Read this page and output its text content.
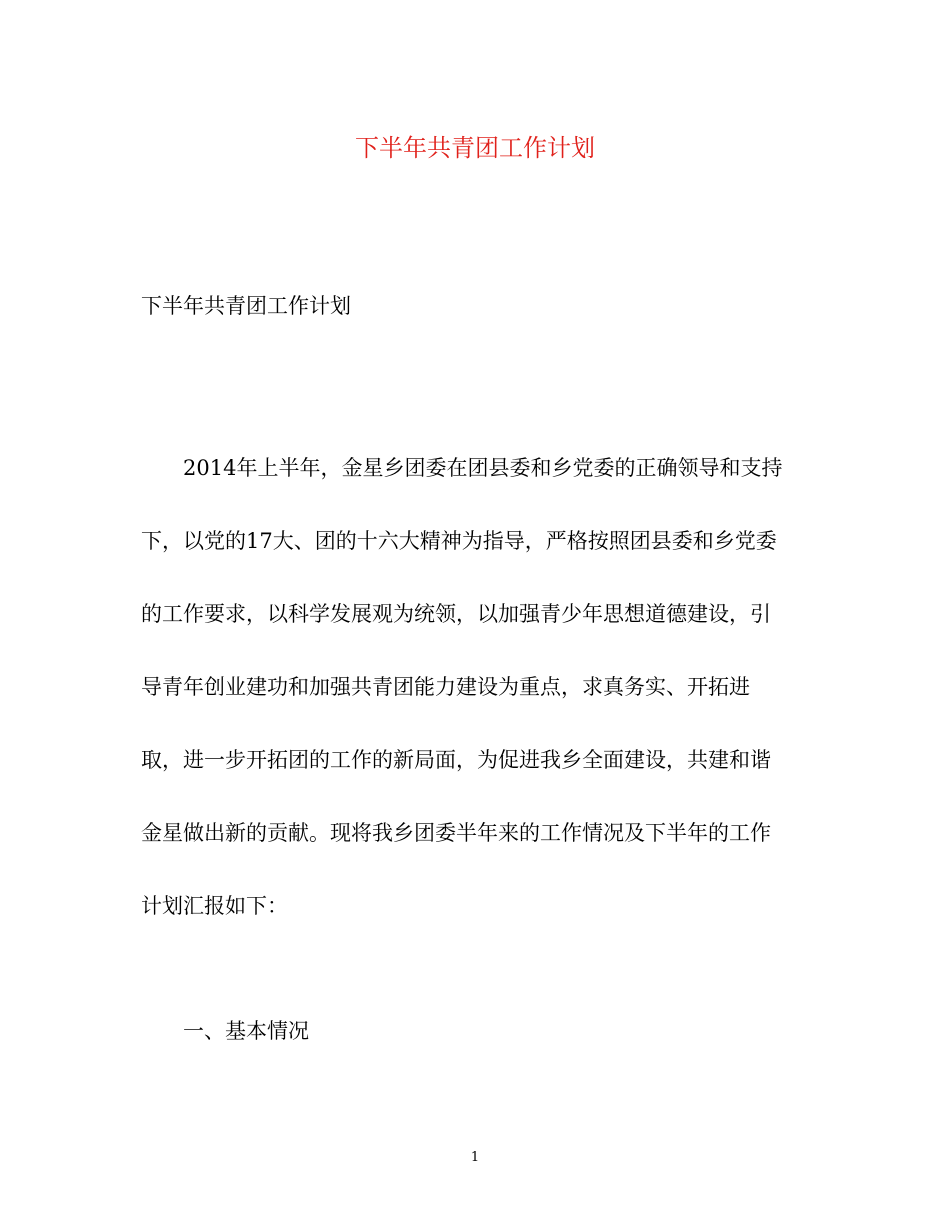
下半年共青团工作计划

下半年共青团工作计划

2014年上半年，金星乡团委在团县委和乡党委的正确领导和支持
下，以党的17大、团的十六大精神为指导，严格按照团县委和乡党委
的工作要求，以科学发展观为统领，以加强青少年思想道德建设，引
导青年创业建功和加强共青团能力建设为重点，求真务实、开拓进
取，进一步开拓团的工作的新局面，为促进我乡全面建设，共建和谐
金星做出新的贡献。现将我乡团委半年来的工作情况及下半年的工作
计划汇报如下：
一、基本情况
1
